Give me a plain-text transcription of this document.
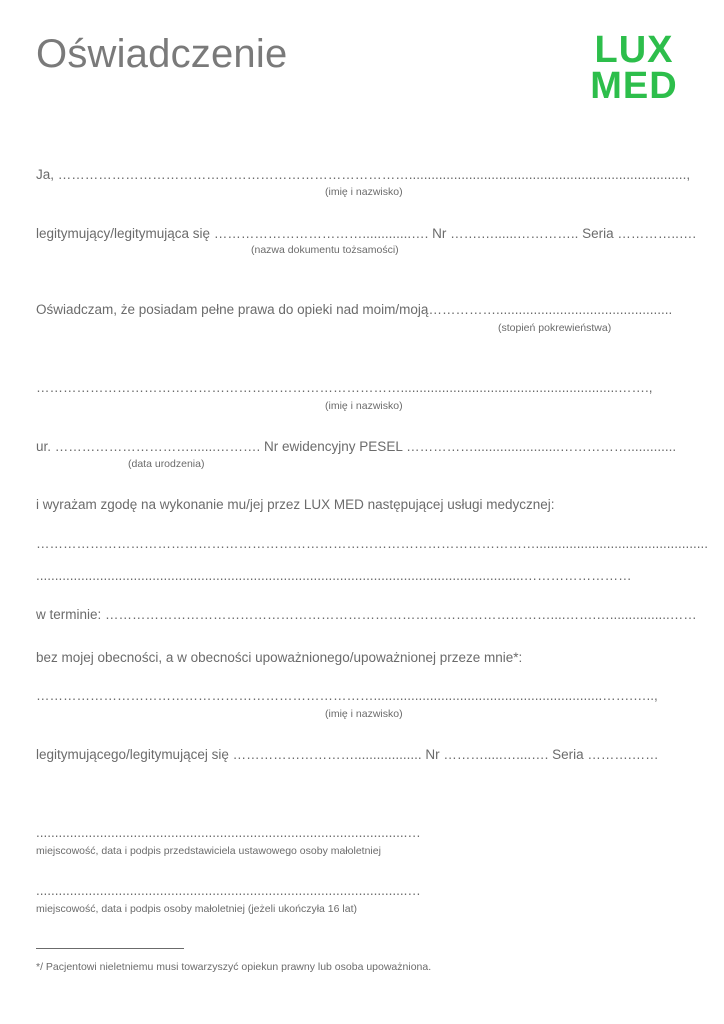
Oświadczenie	LUX
MED
Ja, ……………………………………………………………………..........................................................................,
(imię i nazwisko)
legitymujący/legitymująca się …………………………….............…. Nr …….…......………….. Seria …………..….
(nazwa dokumentu tożsamości)
Oświadczam, że posiadam pełne prawa do opieki nad moim/moją……………...............................................
(stopień pokrewieństwa)
………………………………………………………………………..........................................................…….,
(imię i nazwisko)
ur. ………………………….......………. Nr ewidencyjny PESEL …………….......................…………….............
(data urodzenia)
i wyrażam zgodę na wykonanie mu/jej przez LUX MED następującej usługi medycznej:
…………………………………………………………………………………………………..............................................
..................................................................................................................................……………………
w terminie: ………………………………………………………………………………………....…….…................……
bez mojej obecności, a w obecności upoważnionego/upoważnionej przeze mnie*:
………………………………………………………………….............................................................…….…..,
(imię i nazwisko)
legitymującego/legitymującej się ……………………….................. Nr ……….....…....…. Seria ……….……
...................................................................................................…
miejscowość, data i podpis przedstawiciela ustawowego osoby małoletniej
...................................................................................................…
miejscowość, data i podpis osoby małoletniej (jeżeli ukończyła 16 lat)
*/ Pacjentowi nieletniemu musi towarzyszyć opiekun prawny lub osoba upoważniona.
